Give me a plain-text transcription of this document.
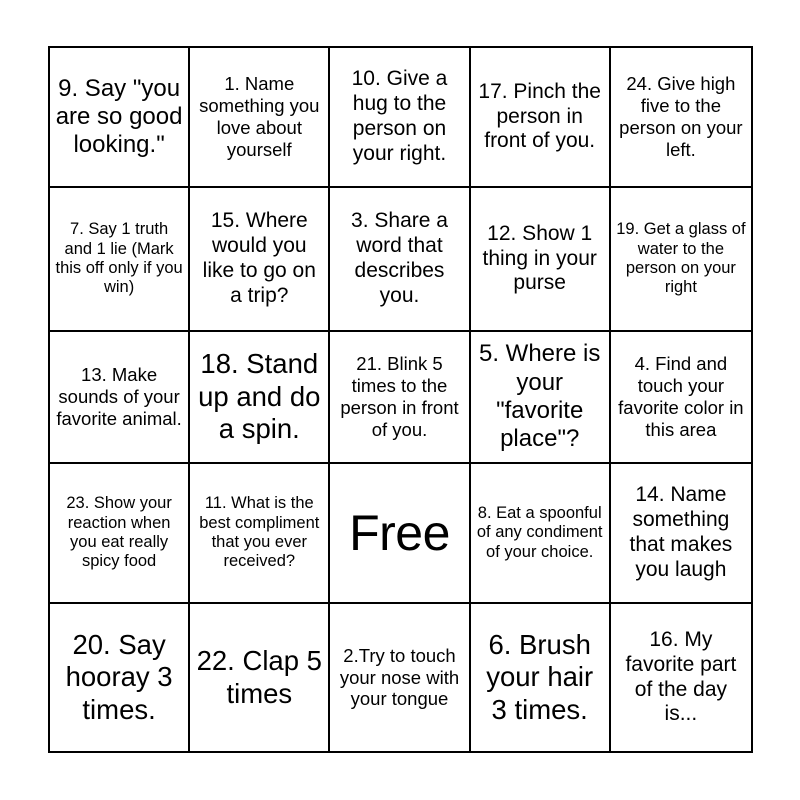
9. Say "you are so good looking."
1. Name something you love about yourself
10. Give a hug to the person on your right.
17. Pinch the person in front of you.
24. Give high five to the person on your left.
7. Say 1 truth and 1 lie (Mark this off only if you win)
15. Where would you like to go on a trip?
3. Share a word that describes you.
12. Show 1 thing in your purse
19. Get a glass of water to the person on your right
13. Make sounds of your favorite animal.
18. Stand up and do a spin.
21. Blink 5 times to the person in front of you.
5. Where is your "favorite place"?
4. Find and touch your favorite color in this area
23. Show your reaction when you eat really spicy food
11. What is the best compliment that you ever received?
Free	8. Eat a spoonful of any condiment of your choice.
14. Name something that makes you laugh
20. Say hooray 3 times.
22. Clap 5 times
2.Try to touch your nose with your tongue
6. Brush your hair 3 times.
16. My favorite part of the day is...
